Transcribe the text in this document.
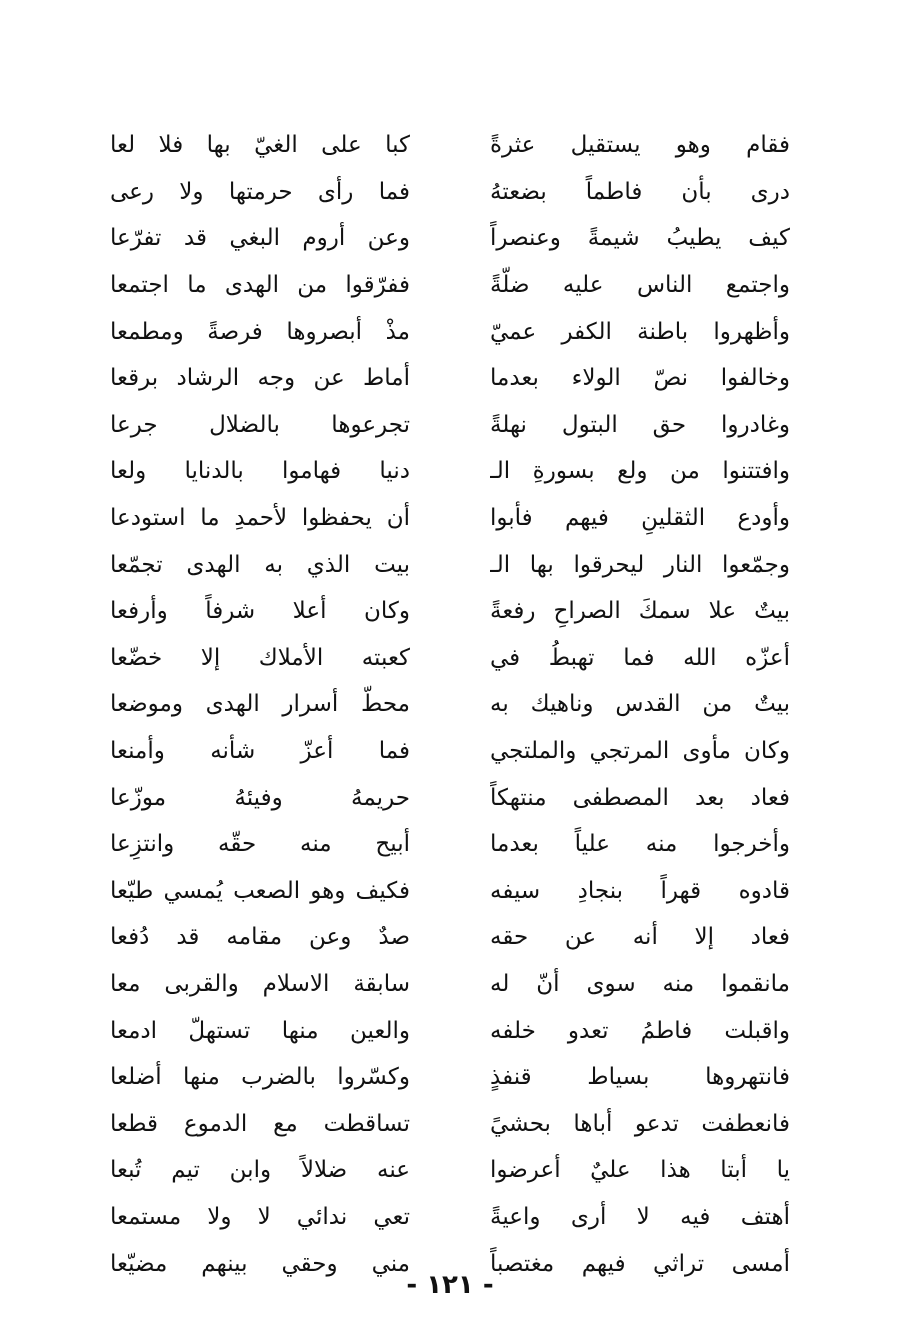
فقام وهو يستقيل عثرةً
كبا على الغيّ بها فلا لعا
درى بأن فاطماً بضعتهُ
فما رأى حرمتها ولا رعى
كيف يطيبُ شيمةً وعنصراً
وعن أروم البغي قد تفرّعا
واجتمع الناس عليه ضلّةً
ففرّقوا من الهدى ما اجتمعا
وأظهروا باطنة الكفر عميّ
مذْ أبصروها فرصةً ومطمعا
وخالفوا نصّ الولاء بعدما
أماط عن وجه الرشاد برقعا
وغادروا حق البتول نهلةً
تجرعوها بالضلال جرعا
وافتتنوا من ولع بسورةِ الـ
دنيا فهاموا بالدنايا ولعا
وأودع الثقلينِ فيهم فأبوا
أن يحفظوا لأحمدِ ما استودعا
وجمّعوا النار ليحرقوا بها الـ
بيت الذي به الهدى تجمّعا
بيتٌ علا سمكَ الصراحِ رفعةً
وكان أعلا شرفاً وأرفعا
أعزّه الله فما تهبطُ في
كعبته الأملاك إلا خضّعا
بيتٌ من القدس وناهيك به
محطّ أسرار الهدى وموضعا
وكان مأوى المرتجي والملتجي
فما أعزّ شأنه وأمنعا
فعاد بعد المصطفى منتهكاً
حريمهُ وفيئهُ موزّعا
وأخرجوا منه علياً بعدما
أبيح منه حقّه وانتزِعا
قادوه قهراً بنجادِ سيفه
فكيف وهو الصعب يُمسي طيّعا
فعاد إلا أنه عن حقه
صدٌ وعن مقامه قد دُفعا
مانقموا منه سوى أنّ له
سابقة الاسلام والقربى معا
واقبلت فاطمُ تعدو خلفه
والعين منها تستهلّ ادمعا
فانتهروها بسياط قنفذٍ
وكسّروا بالضرب منها أضلعا
فانعطفت تدعو أباها بحشيً
تساقطت مع الدموع قطعا
يا أبتا هذا عليٌ أعرضوا
عنه ضلالاً وابن تيم تُبعا
أهتف فيه لا أرى واعيةً
تعي ندائي لا ولا مستمعا
أمسى تراثي فيهم مغتصباً
مني وحقي بينهم مضيّعا
- ١٢١ -
